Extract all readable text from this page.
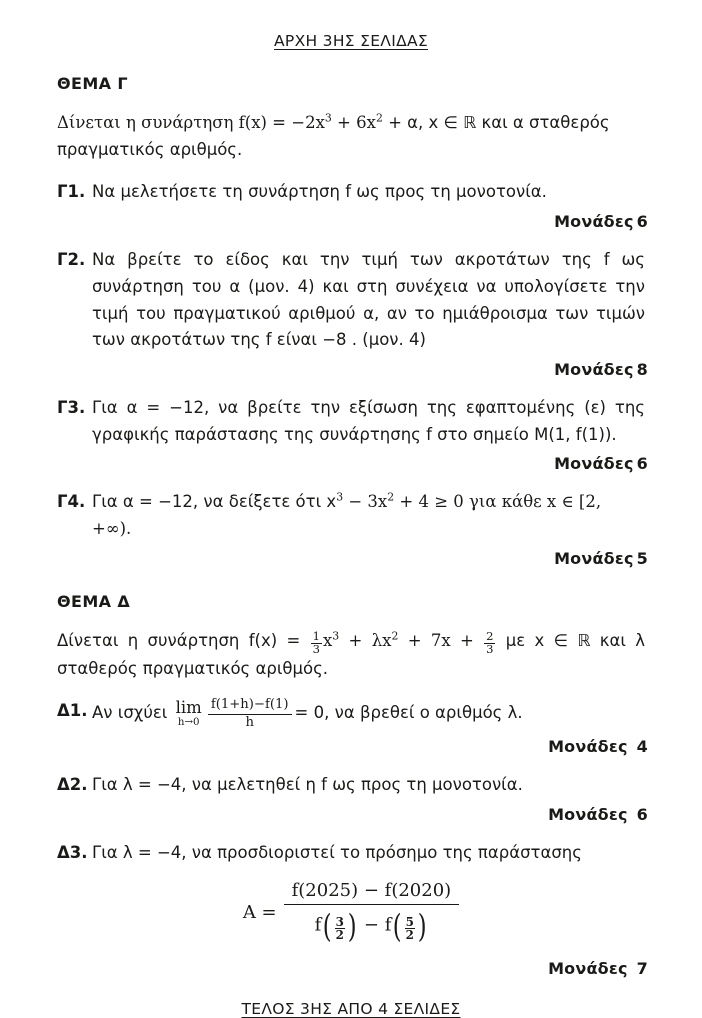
ΑΡΧΗ 3ΗΣ ΣΕΛΙΔΑΣ
ΘΕΜΑ Γ
Δίνεται η συνάρτηση $f(x) = -2x^3 + 6x^2 + \alpha$, x ∈ ℝ και α σταθερός πραγματικός αριθμός.
Γ1. Να μελετήσετε τη συνάρτηση f ως προς τη μονοτονία.
Μονάδες 6
Γ2. Να βρείτε το είδος και την τιμή των ακροτάτων της f ως συνάρτηση του α (μον. 4) και στη συνέχεια να υπολογίσετε την τιμή του πραγματικού αριθμού α, αν το ημιάθροισμα των τιμών των ακροτάτων της f είναι −8 . (μον. 4)
Μονάδες 8
Γ3. Για α = −12, να βρείτε την εξίσωση της εφαπτομένης (ε) της γραφικής παράστασης της συνάρτησης f στο σημείο M(1, f(1)).
Μονάδες 6
Γ4. Για α = −12, να δείξετε ότι $x^3 - 3x^2 + 4 \ge 0$ για κάθε x ∈ [2, +∞).
Μονάδες 5
ΘΕΜΑ Δ
Δίνεται η συνάρτηση $f(x) = \frac{1}{3} x^3 + \lambda x^2 + 7x + \frac{2}{3}$ με x ∈ ℝ και λ σταθερός πραγματικός αριθμός.
Δ1. Αν ισχύει lim
$h\to 0 \frac{f(1+h)-f(1)}{h} = 0$, να βρεθεί ο αριθμός λ.
Μονάδες 4
Δ2. Για λ = −4, να μελετηθεί η f ως προς τη μονοτονία.
Μονάδες 6
Δ3. Για λ = −4, να προσδιοριστεί το πρόσημο της παράστασης
$A = \frac{f(2025) - f(2020)}{f( \frac{3}{2} ) - f( \frac{5}{2} )}$
Μονάδες 7
ΤΕΛΟΣ 3ΗΣ ΑΠΟ 4 ΣΕΛΙΔΕΣ
